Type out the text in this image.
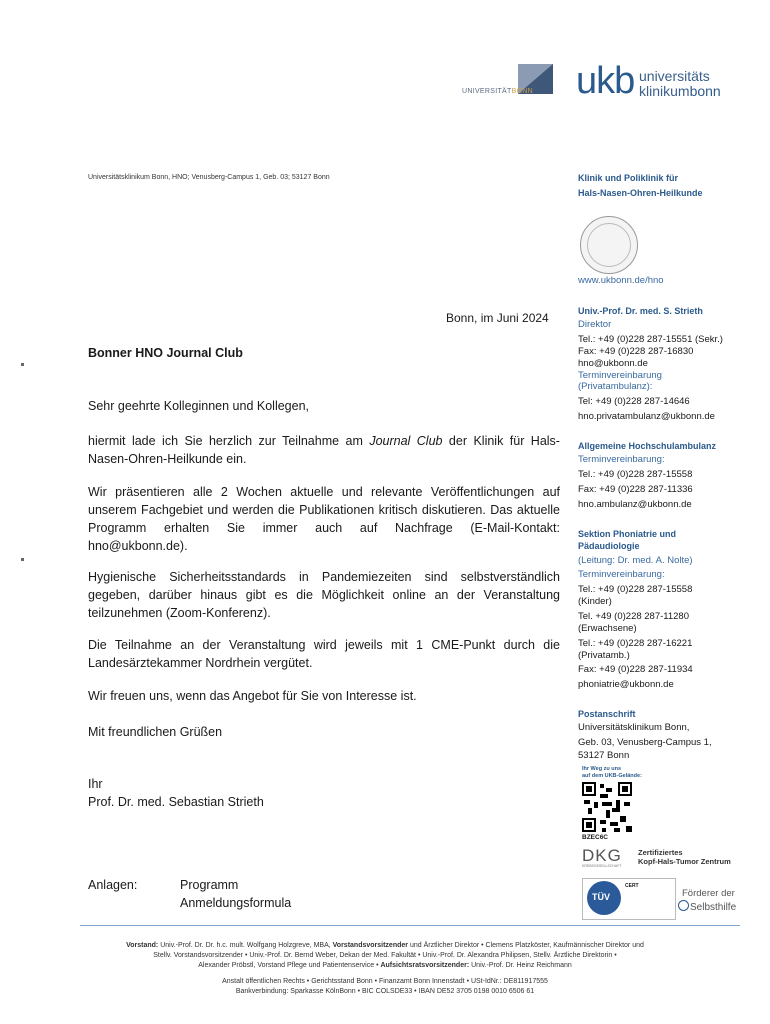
UNIVERSITÄTBONN ukb universitäts
klinikumbonn
Universitätsklinikum Bonn, HNO; Venusberg-Campus 1, Geb. 03; 53127 Bonn
Bonn, im Juni 2024
Bonner HNO Journal Club
Sehr geehrte Kolleginnen und Kollegen,
hiermit lade ich Sie herzlich zur Teilnahme am Journal Club der Klinik für Hals-Nasen-Ohren-Heilkunde ein.
Wir präsentieren alle 2 Wochen aktuelle und relevante Veröffentlichungen auf unserem Fachgebiet und werden die Publikationen kritisch diskutieren. Das aktuelle Programm erhalten Sie immer auch auf Nachfrage (E-Mail-Kontakt: hno@ukbonn.de).
Hygienische Sicherheitsstandards in Pandemiezeiten sind selbstverständlich gegeben, darüber hinaus gibt es die Möglichkeit online an der Veranstaltung teilzunehmen (Zoom-Konferenz).
Die Teilnahme an der Veranstaltung wird jeweils mit 1 CME-Punkt durch die Landesärztekammer Nordrhein vergütet.
Wir freuen uns, wenn das Angebot für Sie von Interesse ist.
Mit freundlichen Grüßen
Ihr
Prof. Dr. med. Sebastian Strieth
Anlagen:	Programm
Anmeldungsformula
Klinik und Poliklinik für
Hals-Nasen-Ohren-Heilkunde
www.ukbonn.de/hno
Univ.-Prof. Dr. med. S. Strieth
Direktor
Tel.: +49 (0)228 287-15551 (Sekr.)
Fax: +49 (0)228 287-16830
hno@ukbonn.de
Terminvereinbarung
(Privatambulanz):
Tel: +49 (0)228 287-14646
hno.privatambulanz@ukbonn.de
Allgemeine Hochschulambulanz
Terminvereinbarung:
Tel.: +49 (0)228 287-15558
Fax: +49 (0)228 287-11336
hno.ambulanz@ukbonn.de
Sektion Phoniatrie und
Pädaudiologie
(Leitung: Dr. med. A. Nolte)
Terminvereinbarung:
Tel.: +49 (0)228 287-15558
(Kinder)
Tel. +49 (0)228 287-11280
(Erwachsene)
Tel.: +49 (0)228 287-16221
(Privatamb.)
Fax: +49 (0)228 287-11934
phoniatrie@ukbonn.de
Postanschrift
Universitätsklinikum Bonn,
Geb. 03, Venusberg-Campus 1,
53127 Bonn
Ihr Weg zu uns
auf dem UKB-Gelände:
BZEC6C
DKG
KREBSGESELLSCHAFT
Zertifiziertes
Kopf-Hals-Tumor Zentrum
TÜV
CERT
Förderer der
Selbsthilfe
Vorstand: Univ.-Prof. Dr. Dr. h.c. mult. Wolfgang Holzgreve, MBA, Vorstandsvorsitzender und Ärztlicher Direktor • Clemens Platzköster, Kaufmännischer Direktor und
Stellv. Vorstandsvorsitzender • Univ.-Prof. Dr. Bernd Weber, Dekan der Med. Fakultät • Univ.-Prof. Dr. Alexandra Philipsen, Stellv. Ärztliche Direktorin •
Alexander Pröbstl, Vorstand Pflege und Patientenservice • Aufsichtsratsvorsitzender: Univ.-Prof. Dr. Heinz Reichmann
Anstalt öffentlichen Rechts • Gerichtsstand Bonn • Finanzamt Bonn Innenstadt • USt-IdNr.: DE811917555
Bankverbindung: Sparkasse KölnBonn • BIC COLSDE33 • IBAN DE52 3705 0198 0010 6506 61
